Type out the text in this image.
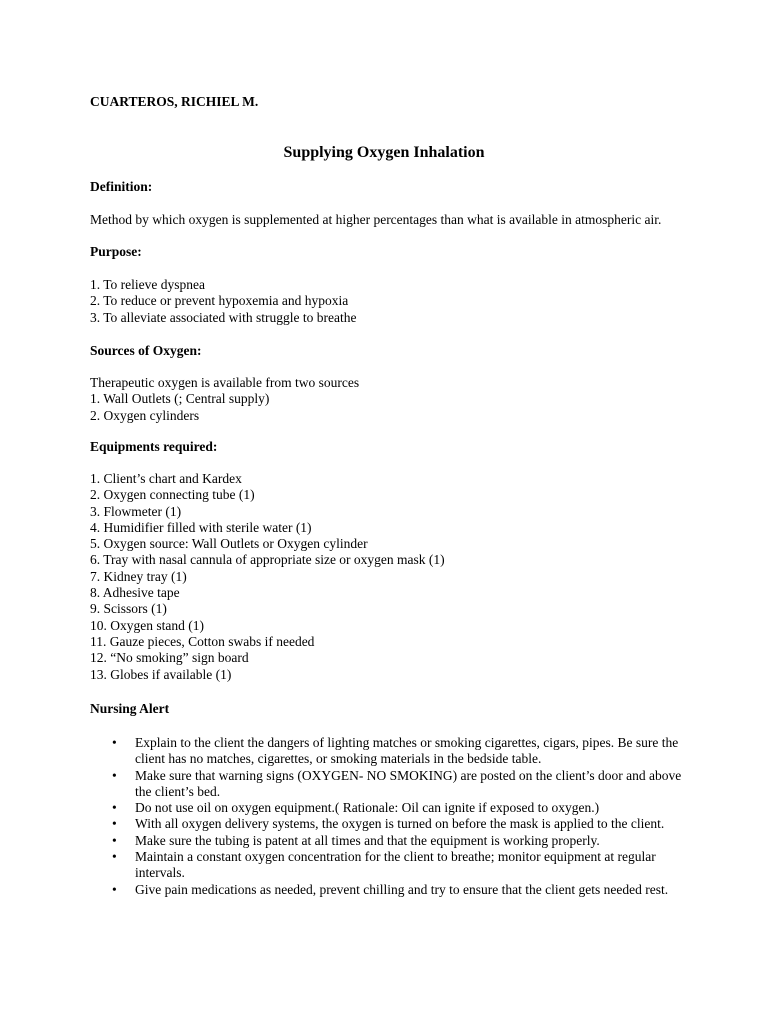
CUARTEROS, RICHIEL M.
Supplying Oxygen Inhalation
Definition:
Method by which oxygen is supplemented at higher percentages than what is available in atmospheric air.
Purpose:
1. To relieve dyspnea
2. To reduce or prevent hypoxemia and hypoxia
3. To alleviate associated with struggle to breathe
Sources of Oxygen:
Therapeutic oxygen is available from two sources
1. Wall Outlets (; Central supply)
2. Oxygen cylinders
Equipments required:
1. Client’s chart and Kardex
2. Oxygen connecting tube (1)
3. Flowmeter (1)
4. Humidifier filled with sterile water (1)
5. Oxygen source: Wall Outlets or Oxygen cylinder
6. Tray with nasal cannula of appropriate size or oxygen mask (1)
7. Kidney tray (1)
8. Adhesive tape
9. Scissors (1)
10. Oxygen stand (1)
11. Gauze pieces, Cotton swabs if needed
12. “No smoking” sign board
13. Globes if available (1)
Nursing Alert
• Explain to the client the dangers of lighting matches or smoking cigarettes, cigars, pipes. Be sure the client has no matches, cigarettes, or smoking materials in the bedside table.
• Make sure that warning signs (OXYGEN- NO SMOKING) are posted on the client’s door and above the client’s bed.
• Do not use oil on oxygen equipment.( Rationale: Oil can ignite if exposed to oxygen.)
• With all oxygen delivery systems, the oxygen is turned on before the mask is applied to the client.
• Make sure the tubing is patent at all times and that the equipment is working properly.
• Maintain a constant oxygen concentration for the client to breathe; monitor equipment at regular intervals.
• Give pain medications as needed, prevent chilling and try to ensure that the client gets needed rest.
